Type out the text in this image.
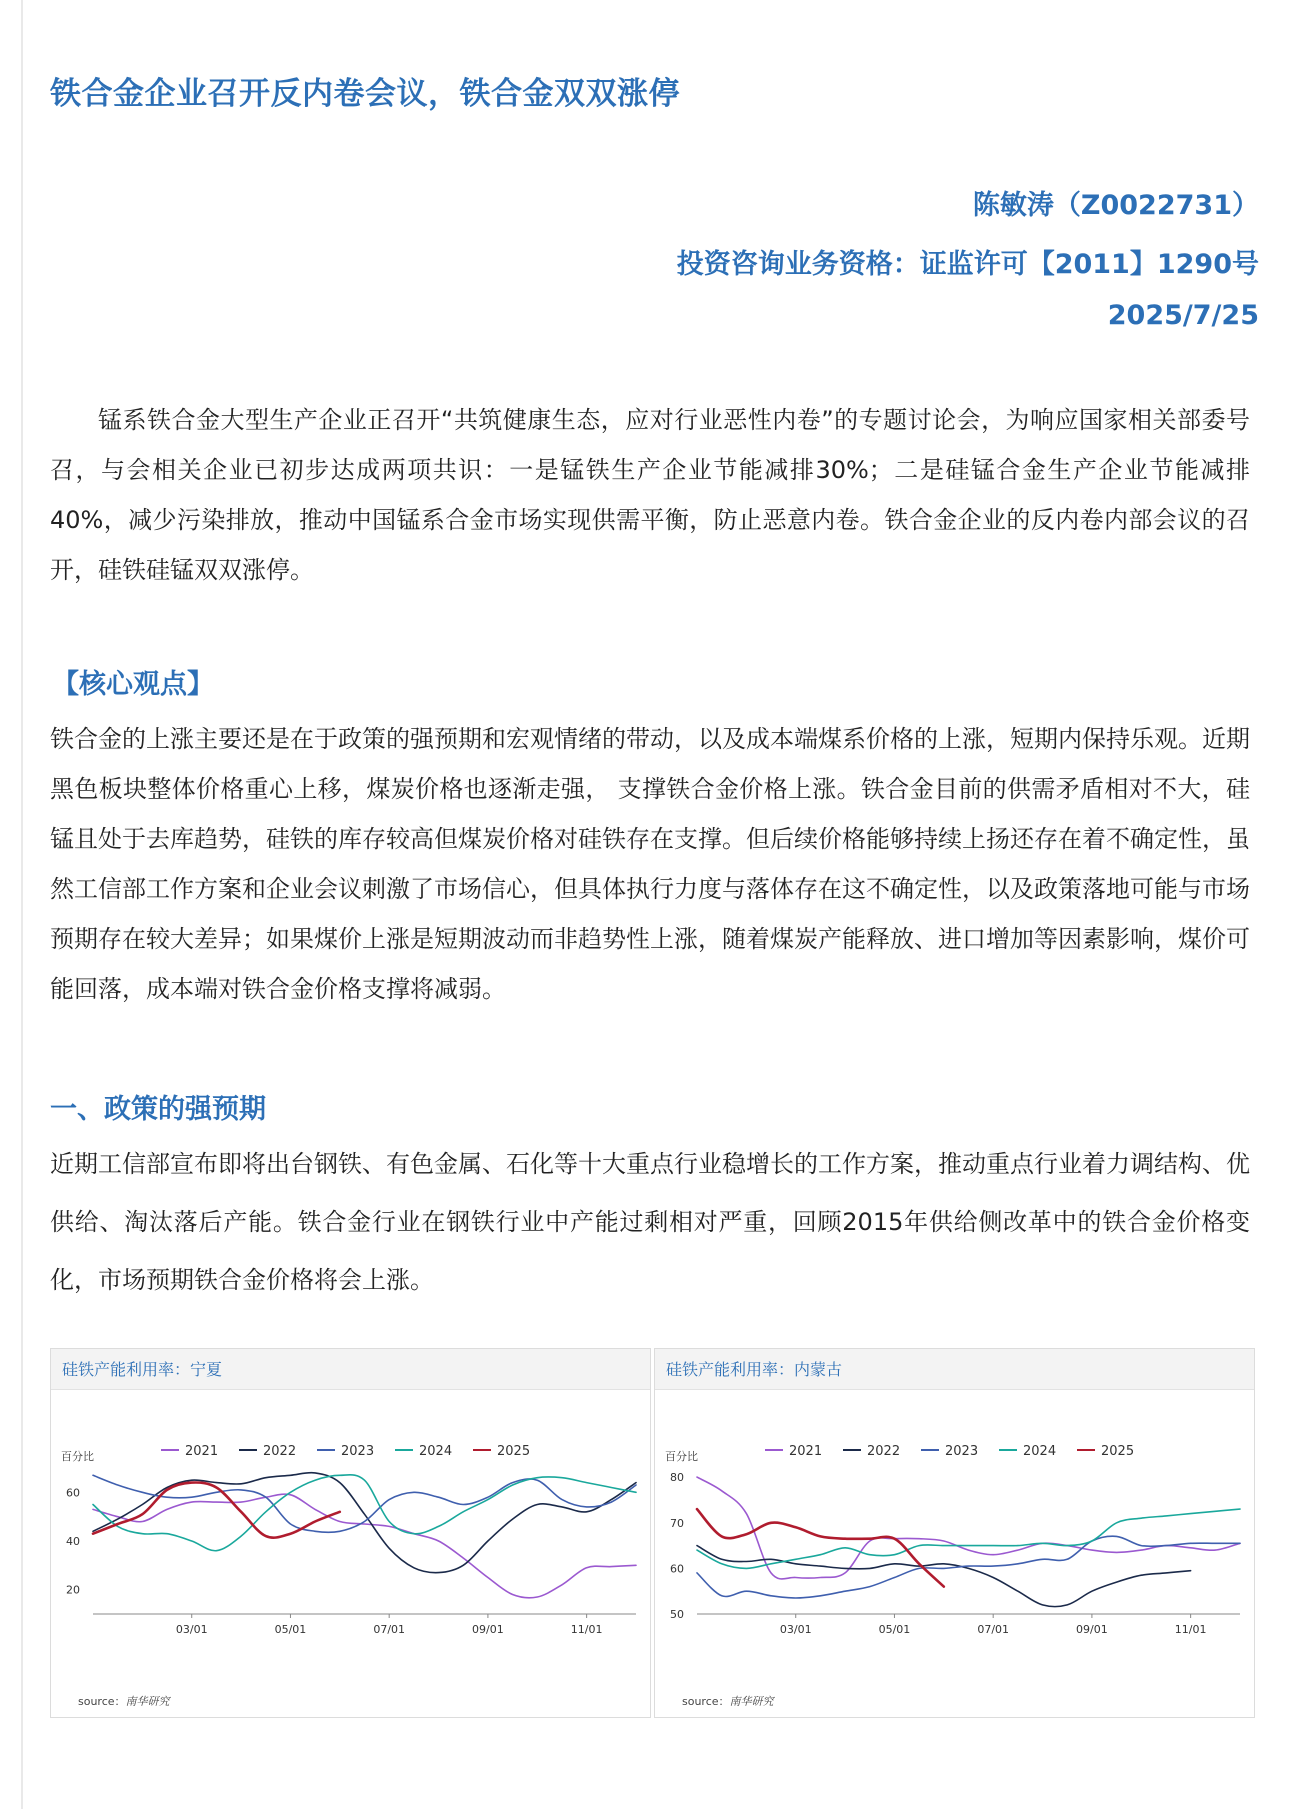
铁合金企业召开反内卷会议，铁合金双双涨停
陈敏涛（Z0022731）
投资咨询业务资格：证监许可【2011】1290号
2025/7/25

锰系铁合金大型生产企业正召开“共筑健康生态，应对行业恶性内卷”的专题讨论会，为响应国家相关部委号召，与会相关企业已初步达成两项共识：一是锰铁生产企业节能减排30%；二是硅锰合金生产企业节能减排40%，减少污染排放，推动中国锰系合金市场实现供需平衡，防止恶意内卷。铁合金企业的反内卷内部会议的召开，硅铁硅锰双双涨停。

【核心观点】

铁合金的上涨主要还是在于政策的强预期和宏观情绪的带动，以及成本端煤系价格的上涨，短期内保持乐观。近期黑色板块整体价格重心上移，煤炭价格也逐渐走强， 支撑铁合金价格上涨。铁合金目前的供需矛盾相对不大，硅锰且处于去库趋势，硅铁的库存较高但煤炭价格对硅铁存在支撑。但后续价格能够持续上扬还存在着不确定性，虽然工信部工作方案和企业会议刺激了市场信心，但具体执行力度与落体存在这不确定性，以及政策落地可能与市场预期存在较大差异；如果煤价上涨是短期波动而非趋势性上涨，随着煤炭产能释放、进口增加等因素影响，煤价可能回落，成本端对铁合金价格支撑将减弱。

一、政策的强预期

近期工信部宣布即将出台钢铁、有色金属、石化等十大重点行业稳增长的工作方案，推动重点行业着力调结构、优供给、淘汰落后产能。铁合金行业在钢铁行业中产能过剩相对严重，回顾2015年供给侧改革中的铁合金价格变化，市场预期铁合金价格将会上涨。

硅铁产能利用率：宁夏
2021	2022	2023	2024	2025
百分比
20
40
60
03/01	05/01	07/01	09/01	11/01
source：南华研究
硅铁产能利用率：内蒙古
2021	2022	2023	2024	2025
百分比
50
60
70
80
03/01	05/01	07/01	09/01	11/01
source：南华研究
